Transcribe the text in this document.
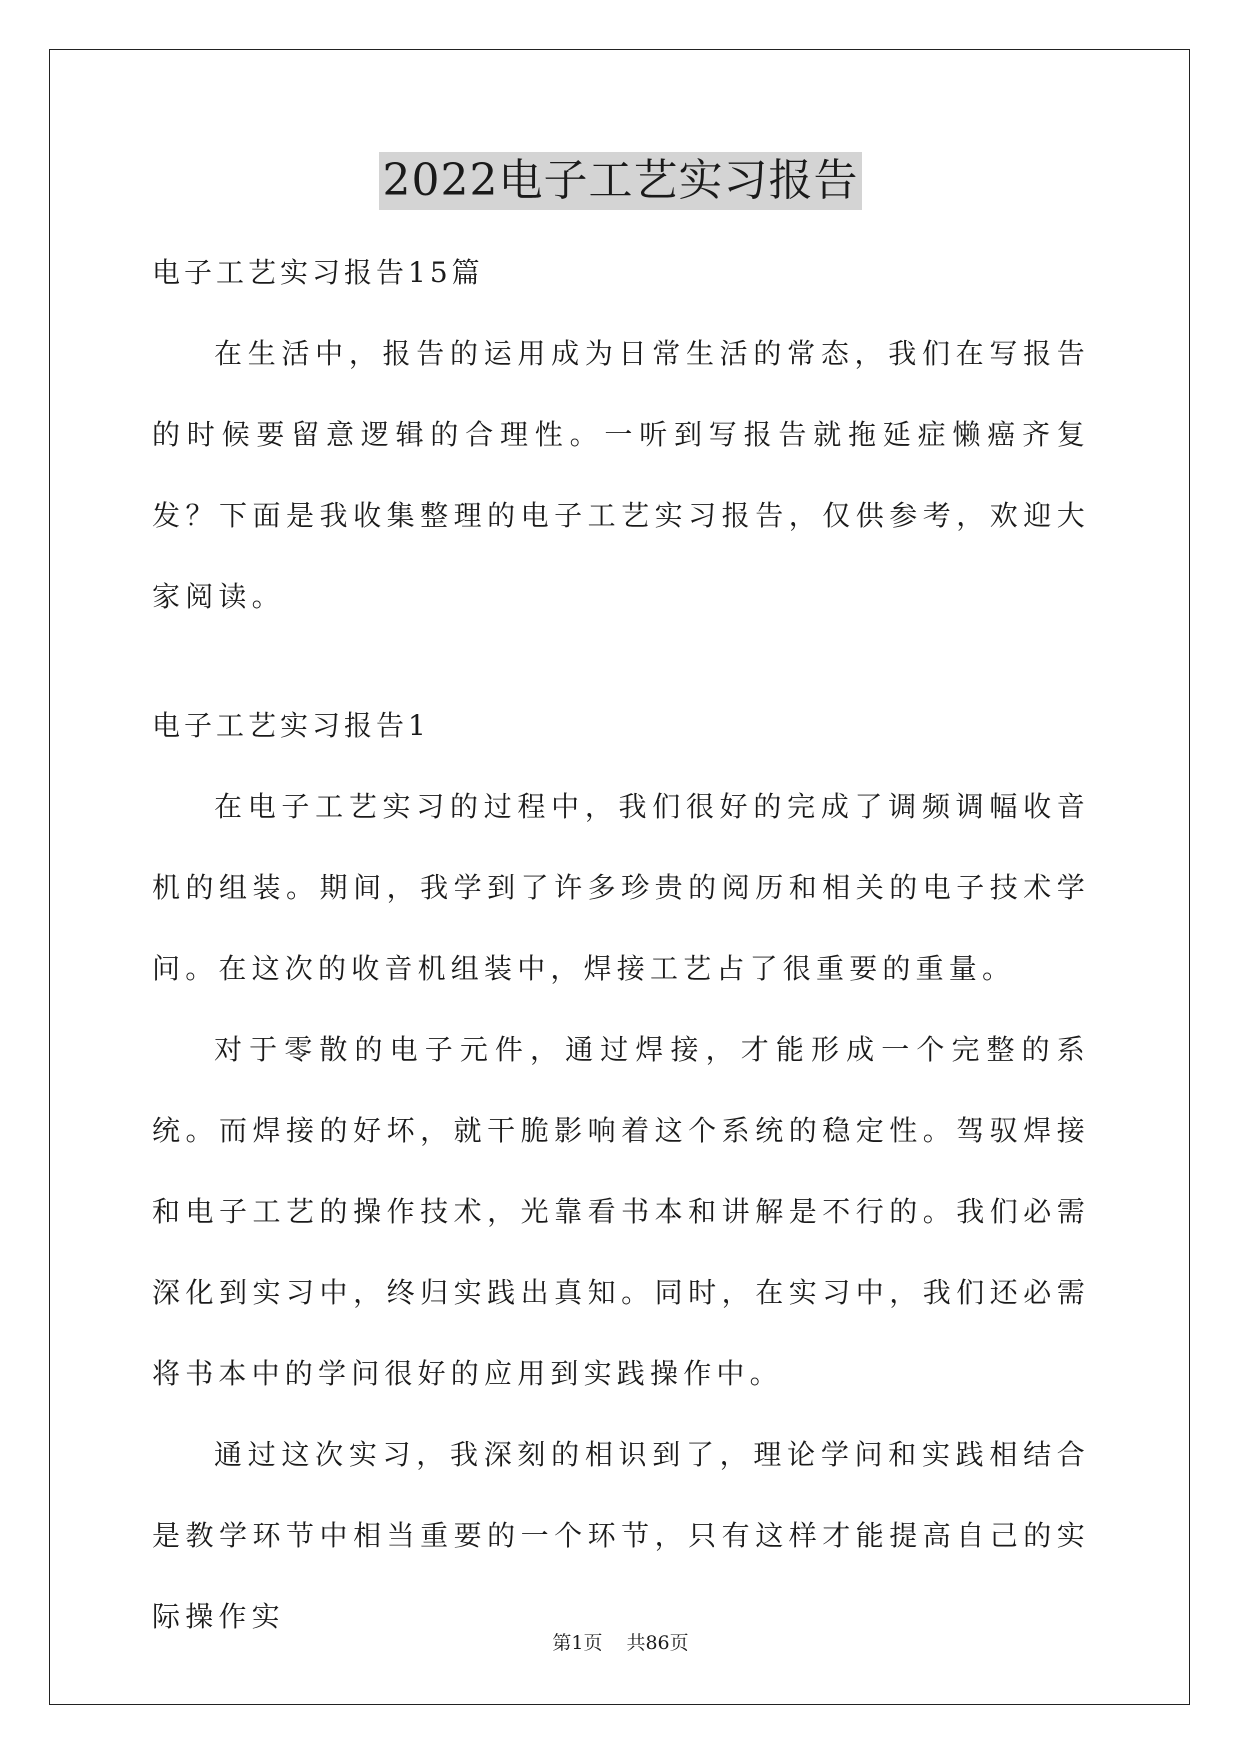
2022电子工艺实习报告

电子工艺实习报告15篇

在生活中，报告的运用成为日常生活的常态，我们在写报告的时候要留意逻辑的合理性。一听到写报告就拖延症懒癌齐复发？下面是我收集整理的电子工艺实习报告，仅供参考，欢迎大家阅读。

电子工艺实习报告1

在电子工艺实习的过程中，我们很好的完成了调频调幅收音机的组装。期间，我学到了许多珍贵的阅历和相关的电子技术学问。在这次的收音机组装中，焊接工艺占了很重要的重量。

对于零散的电子元件，通过焊接，才能形成一个完整的系统。而焊接的好坏，就干脆影响着这个系统的稳定性。驾驭焊接和电子工艺的操作技术，光靠看书本和讲解是不行的。我们必需深化到实习中，终归实践出真知。同时，在实习中，我们还必需将书本中的学问很好的应用到实践操作中。

通过这次实习，我深刻的相识到了，理论学问和实践相结合是教学环节中相当重要的一个环节，只有这样才能提高自己的实际操作实

第1页 共86页
